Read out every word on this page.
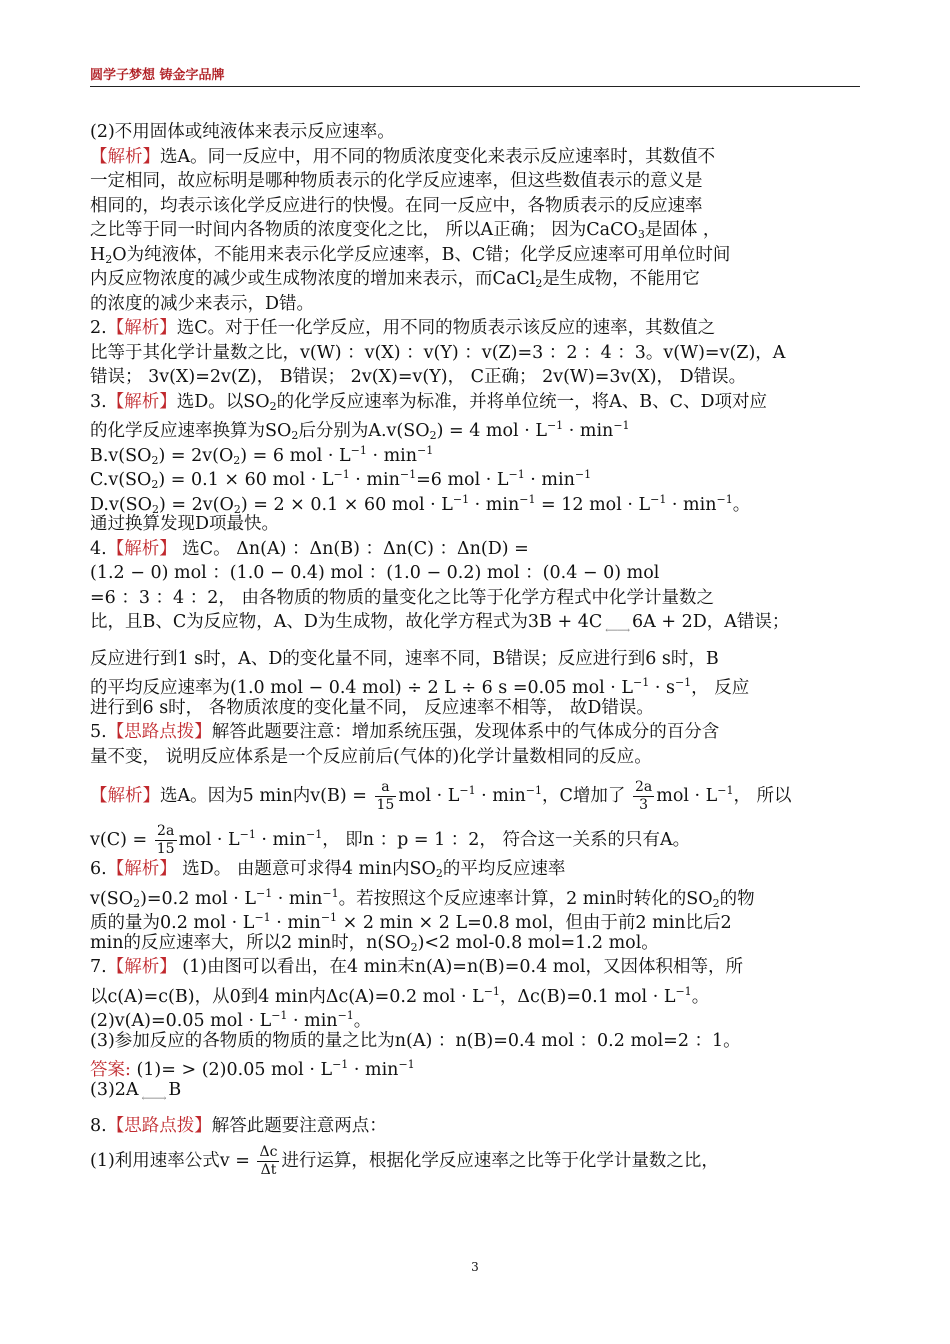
圆学子梦想 铸金字品牌
(2)不用固体或纯液体来表示反应速率。
【解析】选A。同一反应中，用不同的物质浓度变化来表示反应速率时，其数值不
一定相同，故应标明是哪种物质表示的化学反应速率，但这些数值表示的意义是
相同的，均表示该化学反应进行的快慢。在同一反应中，各物质表示的反应速率
之比等于同一时间内各物质的浓度变化之比， 所以A正确； 因为CaCO$_3$是固体 ，
$H_2O$为纯液体，不能用来表示化学反应速率，B、C错；化学反应速率可用单位时间
内反应物浓度的减少或生成物浓度的增加来表示，而CaCl$_2$是生成物，不能用它
的浓度的减少来表示，D错。
2.【解析】选C。对于任一化学反应，用不同的物质表示该反应的速率，其数值之
比等于其化学计量数之比，v(W) ：v(X) ：v(Y) ：v(Z)=3 ：2 ：4 ：3。v(W)=v(Z)，A
错误； 3v(X)=2v(Z)， B错误； 2v(X)=v(Y)， C正确； 2v(W)=3v(X)， D错误。
3.【解析】选D。以$SO_2$的化学反应速率为标准，并将单位统一，将A、B、C、D项对应
的化学反应速率换算为$SO_2$后分别为$A.v(SO_2) = 4$ mol · $L^{-1} \cdot \min^{-1}$
$B.v(SO_2) = 2v(O_2) = 6$ mol · $L^{-1} \cdot \min^{-1}$
$C.v(SO_2) = 0.1 \times 60$ mol · $L^{-1} \cdot \min^{-1}=6$ mol · $L^{-1} \cdot \min^{-1}$
$D.v(SO_2) = 2v(O_2) = 2 \times 0.1 \times 60$ mol · $L^{-1} \cdot \min^{-1} = 12$ mol · $L^{-1} \cdot \min^{-1}$。
通过换算发现D项最快。
4.【解析】 选C。 Δn(A) ：Δn(B) ：Δn(C) ：Δn(D) =
(1.2 − 0) mol ：(1.0 − 0.4) mol ：(1.0 − 0.2) mol ：(0.4 − 0) mol
=6 ：3 ：4 ：2， 由各物质的物质的量变化之比等于化学方程式中化学计量数之
比，且B、C为反应物，A、D为生成物，故化学方程式为3B + 4C ⟵⟶ 6A + 2D，A错误；
反应进行到1 s时，A、D的变化量不同，速率不同，B错误；反应进行到6 s时，B
的平均反应速率为(1.0 mol − 0.4 mol) ÷ 2 L ÷ 6 s =0.05 mol · $L^{-1} \cdot s^{-1}$， 反应
进行到6 s时， 各物质浓度的变化量不同， 反应速率不相等， 故D错误。
5.【思路点拨】解答此题要注意：增加系统压强，发现体系中的气体成分的百分含
量不变， 说明反应体系是一个反应前后(气体的)化学计量数相同的反应。
【解析】选A。因为5 min内$v(B) = \frac{a}{15}$ mol · $L^{-1} \cdot \min^{-1}$，C增加了 $\frac{2a}{3}$ mol · $L^{-1}$， 所以
$v(C) = \frac{2a}{15}$ mol · $L^{-1} \cdot \min^{-1}$， 即n ：p = 1 ：2， 符合这一关系的只有A。
6.【解析】 选D。 由题意可求得4 min内$SO_2$的平均反应速率
$v(SO_2)=0.2$ mol · $L^{-1} \cdot \min^{-1}$。若按照这个反应速率计算，2 min时转化的$SO_2$的物
质的量为0.2 mol · $L^{-1} \cdot \min^{-1} \times 2$ min × 2 L=0.8 mol，但由于前2 min比后2
min的反应速率大，所以2 min时，$n(SO_2)<2$ mol-0.8 mol=1.2 mol。
7.【解析】 (1)由图可以看出，在4 min末n(A)=n(B)=0.4 mol，又因体积相等，所
以c(A)=c(B)，从0到4 min内Δc(A)=0.2 mol · $L^{-1}$，Δc(B)=0.1 mol · $L^{-1}$。
(2)v(A)=0.05 mol · $L^{-1} \cdot \min^{-1}$。
(3)参加反应的各物质的物质的量之比为n(A) ：n(B)=0.4 mol ：0.2 mol=2 ：1。
答案: (1)= > (2)0.05 mol · $L^{-1} \cdot \min^{-1}$
(3)2A ⟵⟶ B
8.【思路点拨】解答此题要注意两点：
(1)利用速率公式$v = \frac{\Delta c}{\Delta t}$ 进行运算，根据化学反应速率之比等于化学计量数之比，
3
